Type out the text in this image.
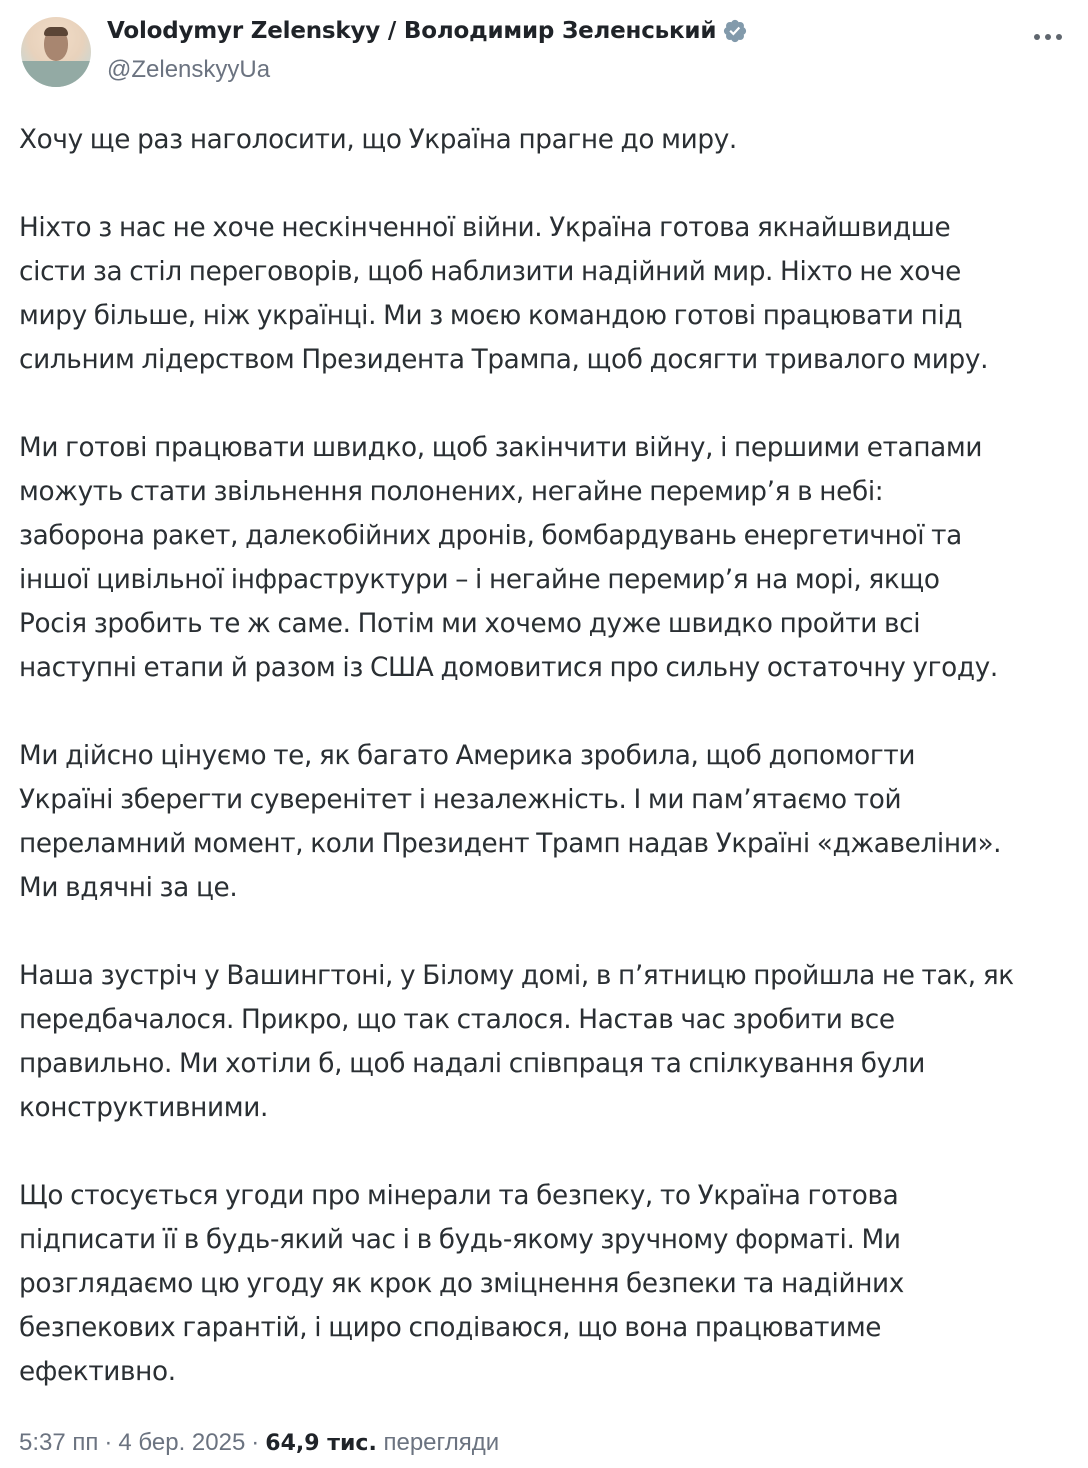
Volodymyr Zelenskyy / Володимир Зеленський
@ZelenskyyUa

Хочу ще раз наголосити, що Україна прагне до миру.

Ніхто з нас не хоче нескінченної війни. Україна готова якнайшвидше
сісти за стіл переговорів, щоб наблизити надійний мир. Ніхто не хоче
миру більше, ніж українці. Ми з моєю командою готові працювати під
сильним лідерством Президента Трампа, щоб досягти тривалого миру.

Ми готові працювати швидко, щоб закінчити війну, і першими етапами
можуть стати звільнення полонених, негайне перемир’я в небі:
заборона ракет, далекобійних дронів, бомбардувань енергетичної та
іншої цивільної інфраструктури – і негайне перемир’я на морі, якщо
Росія зробить те ж саме. Потім ми хочемо дуже швидко пройти всі
наступні етапи й разом із США домовитися про сильну остаточну угоду.

Ми дійсно цінуємо те, як багато Америка зробила, щоб допомогти
Україні зберегти суверенітет і незалежність. І ми пам’ятаємо той
переламний момент, коли Президент Трамп надав Україні «джавеліни».
Ми вдячні за це.

Наша зустріч у Вашингтоні, у Білому домі, в п’ятницю пройшла не так, як
передбачалося. Прикро, що так сталося. Настав час зробити все
правильно. Ми хотіли б, щоб надалі співпраця та спілкування були
конструктивними.

Що стосується угоди про мінерали та безпеку, то Україна готова
підписати її в будь-який час і в будь-якому зручному форматі. Ми
розглядаємо цю угоду як крок до зміцнення безпеки та надійних
безпекових гарантій, і щиро сподіваюся, що вона працюватиме
ефективно.

5:37 пп · 4 бер. 2025 · 64,9 тис. перегляди
